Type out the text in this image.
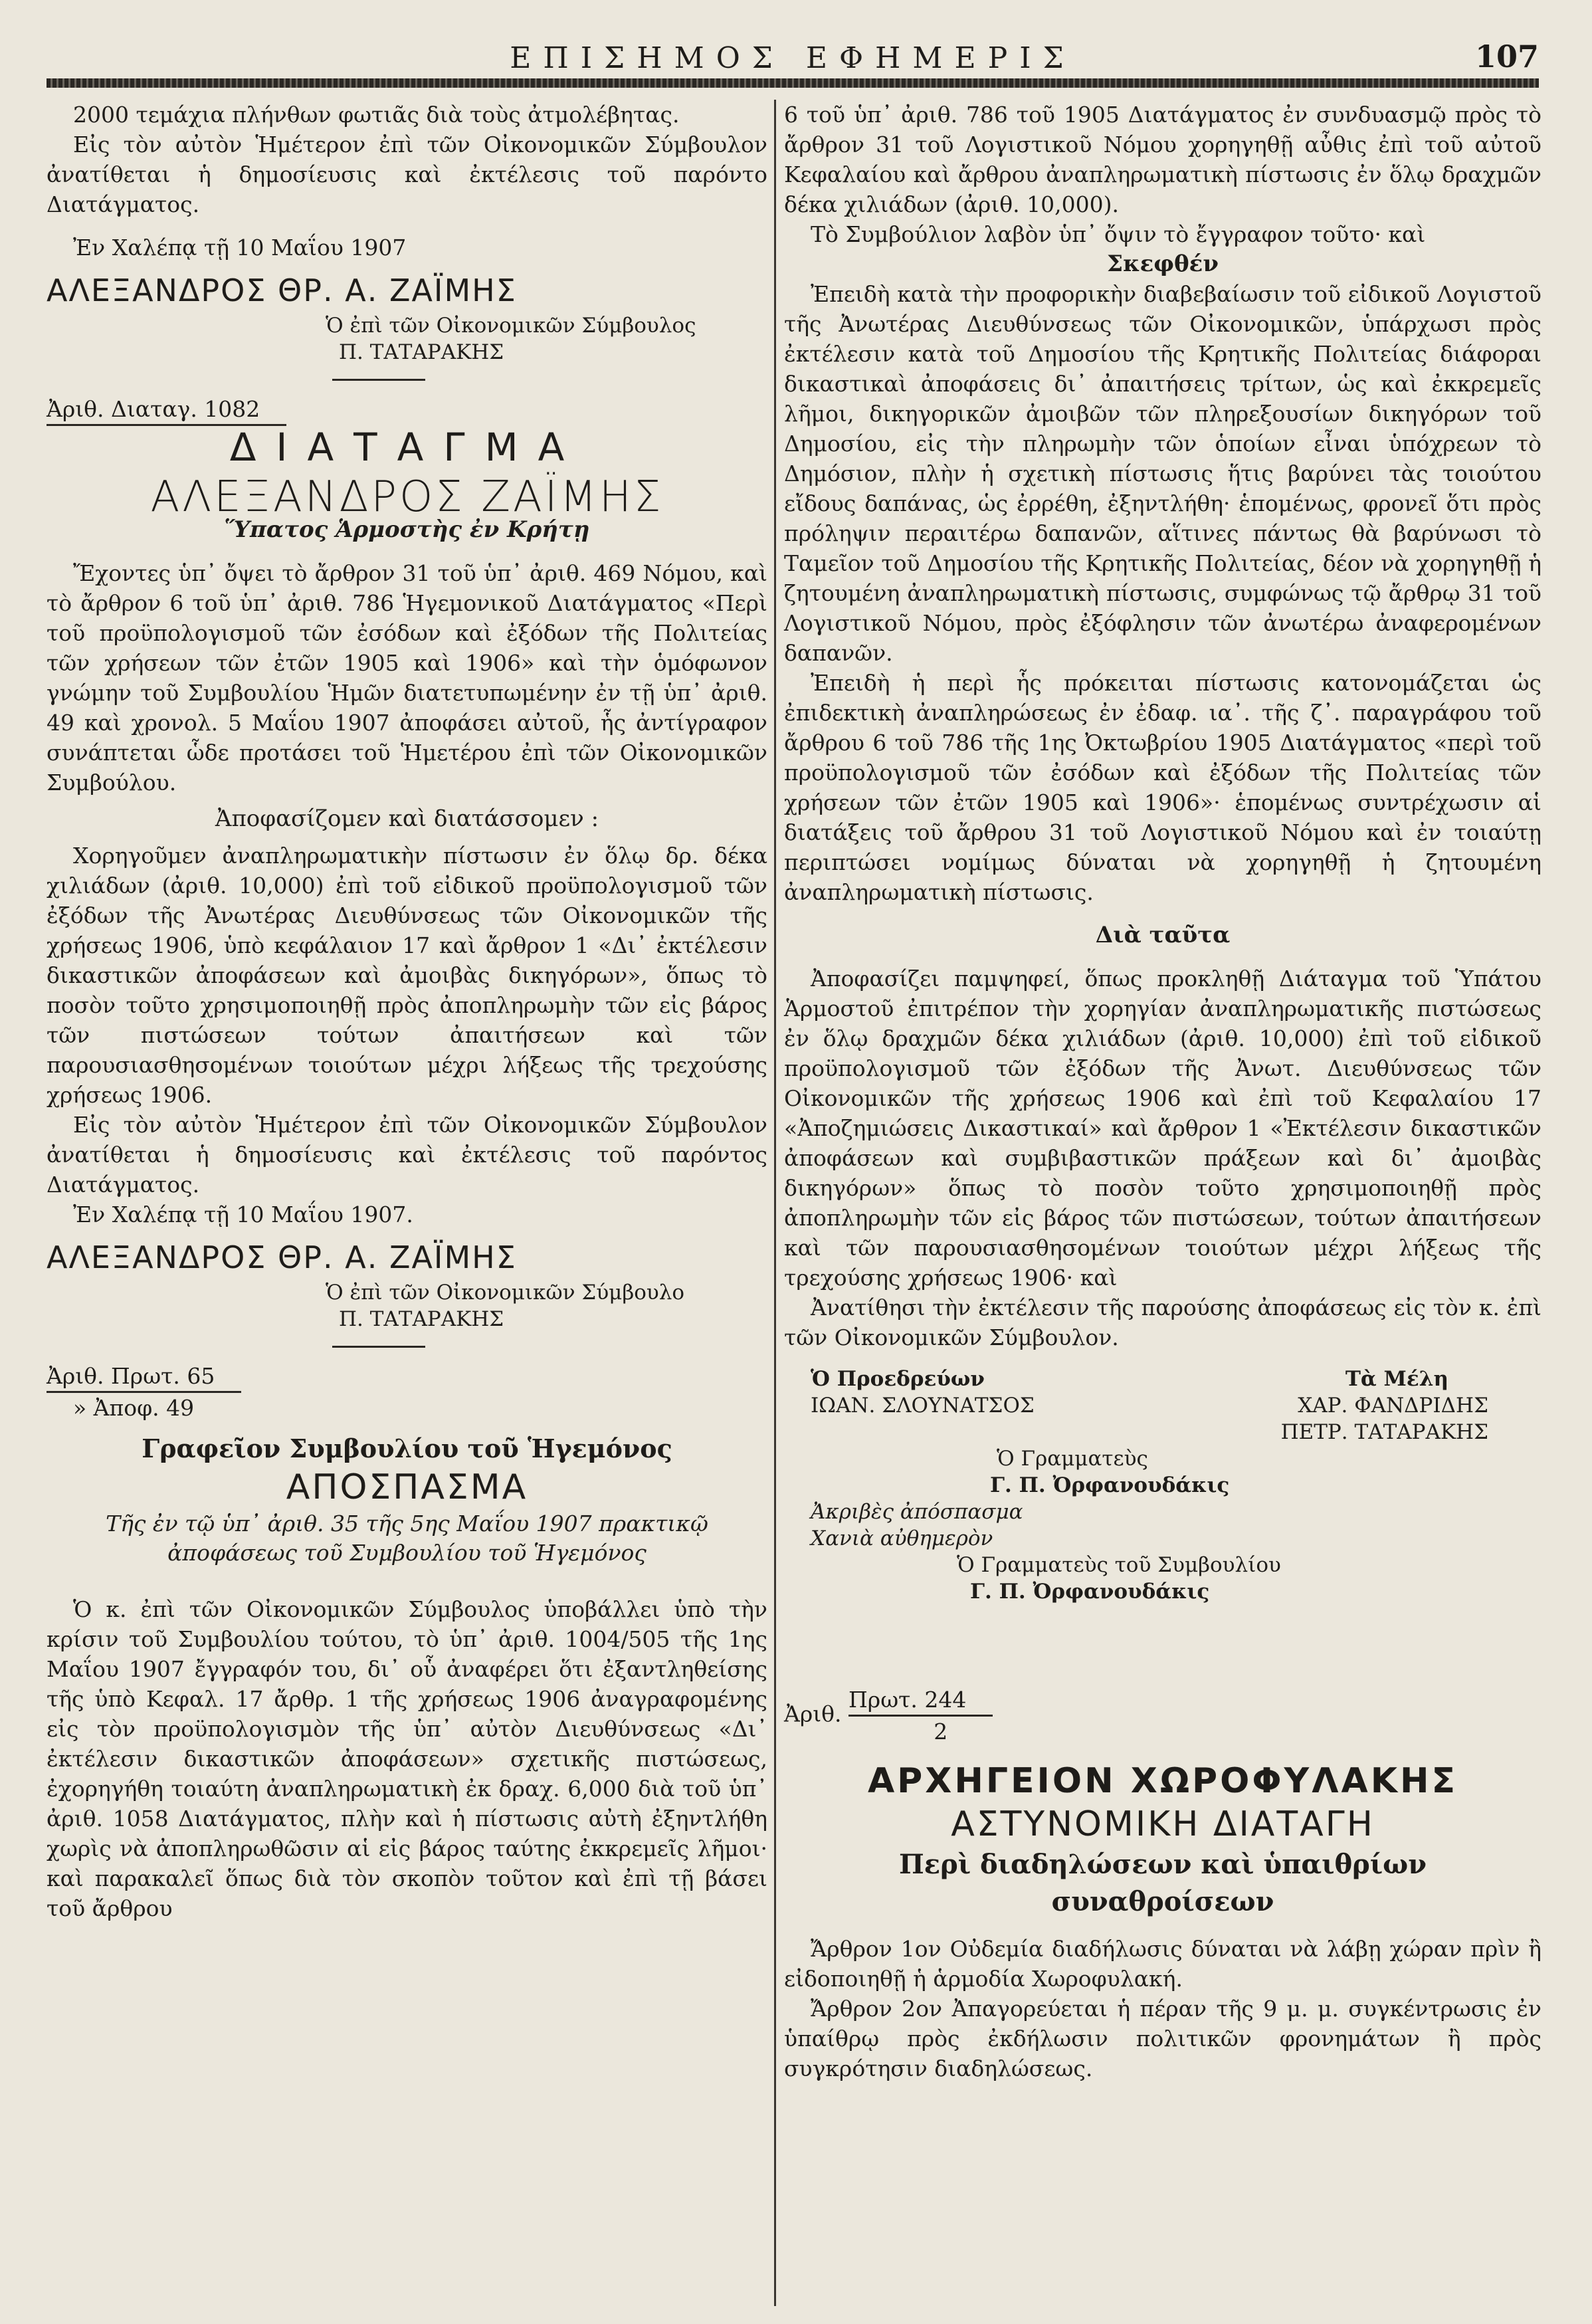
ΕΠΙΣΗΜΟΣ ΕΦΗΜΕΡΙΣ	107

2000 τεμάχια πλήνθων φωτιᾶς διὰ τοὺς ἀτμολέβητας.

Εἰς τὸν αὐτὸν Ἡμέτερον ἐπὶ τῶν Οἰκονομικῶν Σύμβουλον ἀνατίθεται ἡ δημοσίευσις καὶ ἐκτέλεσις τοῦ παρόντο Διατάγματος.

Ἐν Χαλέπᾳ τῇ 10 Μαΐου 1907

ΑΛΕΞΑΝΔΡΟΣ ΘΡ. Α. ΖΑΪΜΗΣ
Ὁ ἐπὶ τῶν Οἰκονομικῶν Σύμβουλος
Π. ΤΑΤΑΡΑΚΗΣ
Ἀριθ. Διαταγ. 1082
ΔΙΑΤΑΓΜΑ
ΑΛΕΞΑΝΔΡΟΣ ΖΑΪΜΗΣ
Ὕπατος Ἁρμοστὴς ἐν Κρήτῃ

Ἔχοντες ὑπ᾽ ὄψει τὸ ἄρθρον 31 τοῦ ὑπ᾽ ἀριθ. 469 Νόμου, καὶ τὸ ἄρθρον 6 τοῦ ὑπ᾽ ἀριθ. 786 Ἡγεμονικοῦ Διατάγματος «Περὶ τοῦ προϋπολογισμοῦ τῶν ἐσόδων καὶ ἐξόδων τῆς Πολιτείας τῶν χρήσεων τῶν ἐτῶν 1905 καὶ 1906» καὶ τὴν ὁμόφωνον γνώμην τοῦ Συμβουλίου Ἡμῶν διατετυπωμένην ἐν τῇ ὑπ᾽ ἀριθ. 49 καὶ χρονολ. 5 Μαΐου 1907 ἀποφάσει αὐτοῦ, ἧς ἀντίγραφον συνάπτεται ὧδε προτάσει τοῦ Ἡμετέρου ἐπὶ τῶν Οἰκονομικῶν Συμβούλου.

Ἀποφασίζομεν καὶ διατάσσομεν :

Χορηγοῦμεν ἀναπληρωματικὴν πίστωσιν ἐν ὅλῳ δρ. δέκα χιλιάδων (ἀριθ. 10,000) ἐπὶ τοῦ εἰδικοῦ προϋπολογισμοῦ τῶν ἐξόδων τῆς Ἀνωτέρας Διευθύνσεως τῶν Οἰκονομικῶν τῆς χρήσεως 1906, ὑπὸ κεφάλαιον 17 καὶ ἄρθρον 1 «Δι᾽ ἐκτέλεσιν δικαστικῶν ἀποφάσεων καὶ ἀμοιβὰς δικηγόρων», ὅπως τὸ ποσὸν τοῦτο χρησιμοποιηθῇ πρὸς ἀποπληρωμὴν τῶν εἰς βάρος τῶν πιστώσεων τούτων ἀπαιτήσεων καὶ τῶν παρουσιασθησομένων τοιούτων μέχρι λήξεως τῆς τρεχούσης χρήσεως 1906.

Εἰς τὸν αὐτὸν Ἡμέτερον ἐπὶ τῶν Οἰκονομικῶν Σύμβουλον ἀνατίθεται ἡ δημοσίευσις καὶ ἐκτέλεσις τοῦ παρόντος Διατάγματος.

Ἐν Χαλέπᾳ τῇ 10 Μαΐου 1907.

ΑΛΕΞΑΝΔΡΟΣ ΘΡ. Α. ΖΑΪΜΗΣ
Ὁ ἐπὶ τῶν Οἰκονομικῶν Σύμβουλο
Π. ΤΑΤΑΡΑΚΗΣ
Ἀριθ. Πρωτ. 65
» Ἀποφ. 49
Γραφεῖον Συμβουλίου τοῦ Ἡγεμόνος
ΑΠΟΣΠΑΣΜΑ
Τῆς ἐν τῷ ὑπ᾽ ἀριθ. 35 τῆς 5ης Μαΐου 1907 πρακτικῷ ἀποφάσεως τοῦ Συμβουλίου τοῦ Ἡγεμόνος

Ὁ κ. ἐπὶ τῶν Οἰκονομικῶν Σύμβουλος ὑποβάλλει ὑπὸ τὴν κρίσιν τοῦ Συμβουλίου τούτου, τὸ ὑπ᾽ ἀριθ. 1004/505 τῆς 1ης Μαΐου 1907 ἔγγραφόν του, δι᾽ οὗ ἀναφέρει ὅτι ἐξαντληθείσης τῆς ὑπὸ Κεφαλ. 17 ἄρθρ. 1 τῆς χρήσεως 1906 ἀναγραφομένης εἰς τὸν προϋπολογισμὸν τῆς ὑπ᾽ αὐτὸν Διευθύνσεως «Δι᾽ ἐκτέλεσιν δικαστικῶν ἀποφάσεων» σχετικῆς πιστώσεως, ἐχορηγήθη τοιαύτη ἀναπληρωματικὴ ἐκ δραχ. 6,000 διὰ τοῦ ὑπ᾽ ἀριθ. 1058 Διατάγματος, πλὴν καὶ ἡ πίστωσις αὐτὴ ἐξηντλήθη χωρὶς νὰ ἀποπληρωθῶσιν αἱ εἰς βάρος ταύτης ἐκκρεμεῖς λῆμοι· καὶ παρακαλεῖ ὅπως διὰ τὸν σκοπὸν τοῦτον καὶ ἐπὶ τῇ βάσει τοῦ ἄρθρου

6 τοῦ ὑπ᾽ ἀριθ. 786 τοῦ 1905 Διατάγματος ἐν συνδυασμῷ πρὸς τὸ ἄρθρον 31 τοῦ Λογιστικοῦ Νόμου χορηγηθῇ αὖθις ἐπὶ τοῦ αὐτοῦ Κεφαλαίου καὶ ἄρθρου ἀναπληρωματικὴ πίστωσις ἐν ὅλῳ δραχμῶν δέκα χιλιάδων (ἀριθ. 10,000).

Τὸ Συμβούλιον λαβὸν ὑπ᾽ ὄψιν τὸ ἔγγραφον τοῦτο· καὶ

Σκεφθέν

Ἐπειδὴ κατὰ τὴν προφορικὴν διαβεβαίωσιν τοῦ εἰδικοῦ Λογιστοῦ τῆς Ἀνωτέρας Διευθύνσεως τῶν Οἰκονομικῶν, ὑπάρχωσι πρὸς ἐκτέλεσιν κατὰ τοῦ Δημοσίου τῆς Κρητικῆς Πολιτείας διάφοραι δικαστικαὶ ἀποφάσεις δι᾽ ἀπαιτήσεις τρίτων, ὡς καὶ ἐκκρεμεῖς λῆμοι, δικηγορικῶν ἀμοιβῶν τῶν πληρεξουσίων δικηγόρων τοῦ Δημοσίου, εἰς τὴν πληρωμὴν τῶν ὁποίων εἶναι ὑπόχρεων τὸ Δημόσιον, πλὴν ἡ σχετικὴ πίστωσις ἥτις βαρύνει τὰς τοιούτου εἴδους δαπάνας, ὡς ἐρρέθη, ἐξηντλήθη· ἑπομένως, φρονεῖ ὅτι πρὸς πρόληψιν περαιτέρω δαπανῶν, αἵτινες πάντως θὰ βαρύνωσι τὸ Ταμεῖον τοῦ Δημοσίου τῆς Κρητικῆς Πολιτείας, δέον νὰ χορηγηθῇ ἡ ζητουμένη ἀναπληρωματικὴ πίστωσις, συμφώνως τῷ ἄρθρῳ 31 τοῦ Λογιστικοῦ Νόμου, πρὸς ἐξόφλησιν τῶν ἀνωτέρω ἀναφερομένων δαπανῶν.

Ἐπειδὴ ἡ περὶ ἧς πρόκειται πίστωσις κατονομάζεται ὡς ἐπιδεκτικὴ ἀναπληρώσεως ἐν ἐδαφ. ια᾽. τῆς ζ᾽. παραγράφου τοῦ ἄρθρου 6 τοῦ 786 τῆς 1ης Ὀκτωβρίου 1905 Διατάγματος «περὶ τοῦ προϋπολογισμοῦ τῶν ἐσόδων καὶ ἐξόδων τῆς Πολιτείας τῶν χρήσεων τῶν ἐτῶν 1905 καὶ 1906»· ἑπομένως συντρέχωσιν αἱ διατάξεις τοῦ ἄρθρου 31 τοῦ Λογιστικοῦ Νόμου καὶ ἐν τοιαύτῃ περιπτώσει νομίμως δύναται νὰ χορηγηθῇ ἡ ζητουμένη ἀναπληρωματικὴ πίστωσις.

Διὰ ταῦτα

Ἀποφασίζει παμψηφεί, ὅπως προκληθῇ Διάταγμα τοῦ Ὑπάτου Ἁρμοστοῦ ἐπιτρέπον τὴν χορηγίαν ἀναπληρωματικῆς πιστώσεως ἐν ὅλῳ δραχμῶν δέκα χιλιάδων (ἀριθ. 10,000) ἐπὶ τοῦ εἰδικοῦ προϋπολογισμοῦ τῶν ἐξόδων τῆς Ἀνωτ. Διευθύνσεως τῶν Οἰκονομικῶν τῆς χρήσεως 1906 καὶ ἐπὶ τοῦ Κεφαλαίου 17 «Ἀποζημιώσεις Δικαστικαί» καὶ ἄρθρον 1 «Ἐκτέλεσιν δικαστικῶν ἀποφάσεων καὶ συμβιβαστικῶν πράξεων καὶ δι᾽ ἀμοιβὰς δικηγόρων» ὅπως τὸ ποσὸν τοῦτο χρησιμοποιηθῇ πρὸς ἀποπληρωμὴν τῶν εἰς βάρος τῶν πιστώσεων, τούτων ἀπαιτήσεων καὶ τῶν παρουσιασθησομένων τοιούτων μέχρι λήξεως τῆς τρεχούσης χρήσεως 1906· καὶ

Ἀνατίθησι τὴν ἐκτέλεσιν τῆς παρούσης ἀποφάσεως εἰς τὸν κ. ἐπὶ τῶν Οἰκονομικῶν Σύμβουλον.

Ὁ Προεδρεύων	Τὰ Μέλη
ΙΩΑΝ. ΣΛΟΥΝΑΤΣΟΣ	ΧΑΡ. ΦΑΝΔΡΙΔΗΣ
ΠΕΤΡ. ΤΑΤΑΡΑΚΗΣ
Ὁ Γραμματεὺς
Γ. Π. Ὀρφανουδάκις
Ἀκριβὲς ἀπόσπασμα
Χανιὰ αὐθημερὸν
Ὁ Γραμματεὺς τοῦ Συμβουλίου
Γ. Π. Ὀρφανουδάκις
Ἀριθ.
Πρωτ. 244
2
ΑΡΧΗΓΕΙΟΝ ΧΩΡΟΦΥΛΑΚΗΣ
ΑΣΤΥΝΟΜΙΚΗ ΔΙΑΤΑΓΗ
Περὶ διαδηλώσεων καὶ ὑπαιθρίων
συναθροίσεων

Ἄρθρον 1ον Οὐδεμία διαδήλωσις δύναται νὰ λάβῃ χώραν πρὶν ἢ εἰδοποιηθῇ ἡ ἁρμοδία Χωροφυλακή.

Ἄρθρον 2ον Ἀπαγορεύεται ἡ πέραν τῆς 9 μ. μ. συγκέντρωσις ἐν ὑπαίθρῳ πρὸς ἐκδήλωσιν πολιτικῶν φρονημάτων ἢ πρὸς συγκρότησιν διαδηλώσεως.
